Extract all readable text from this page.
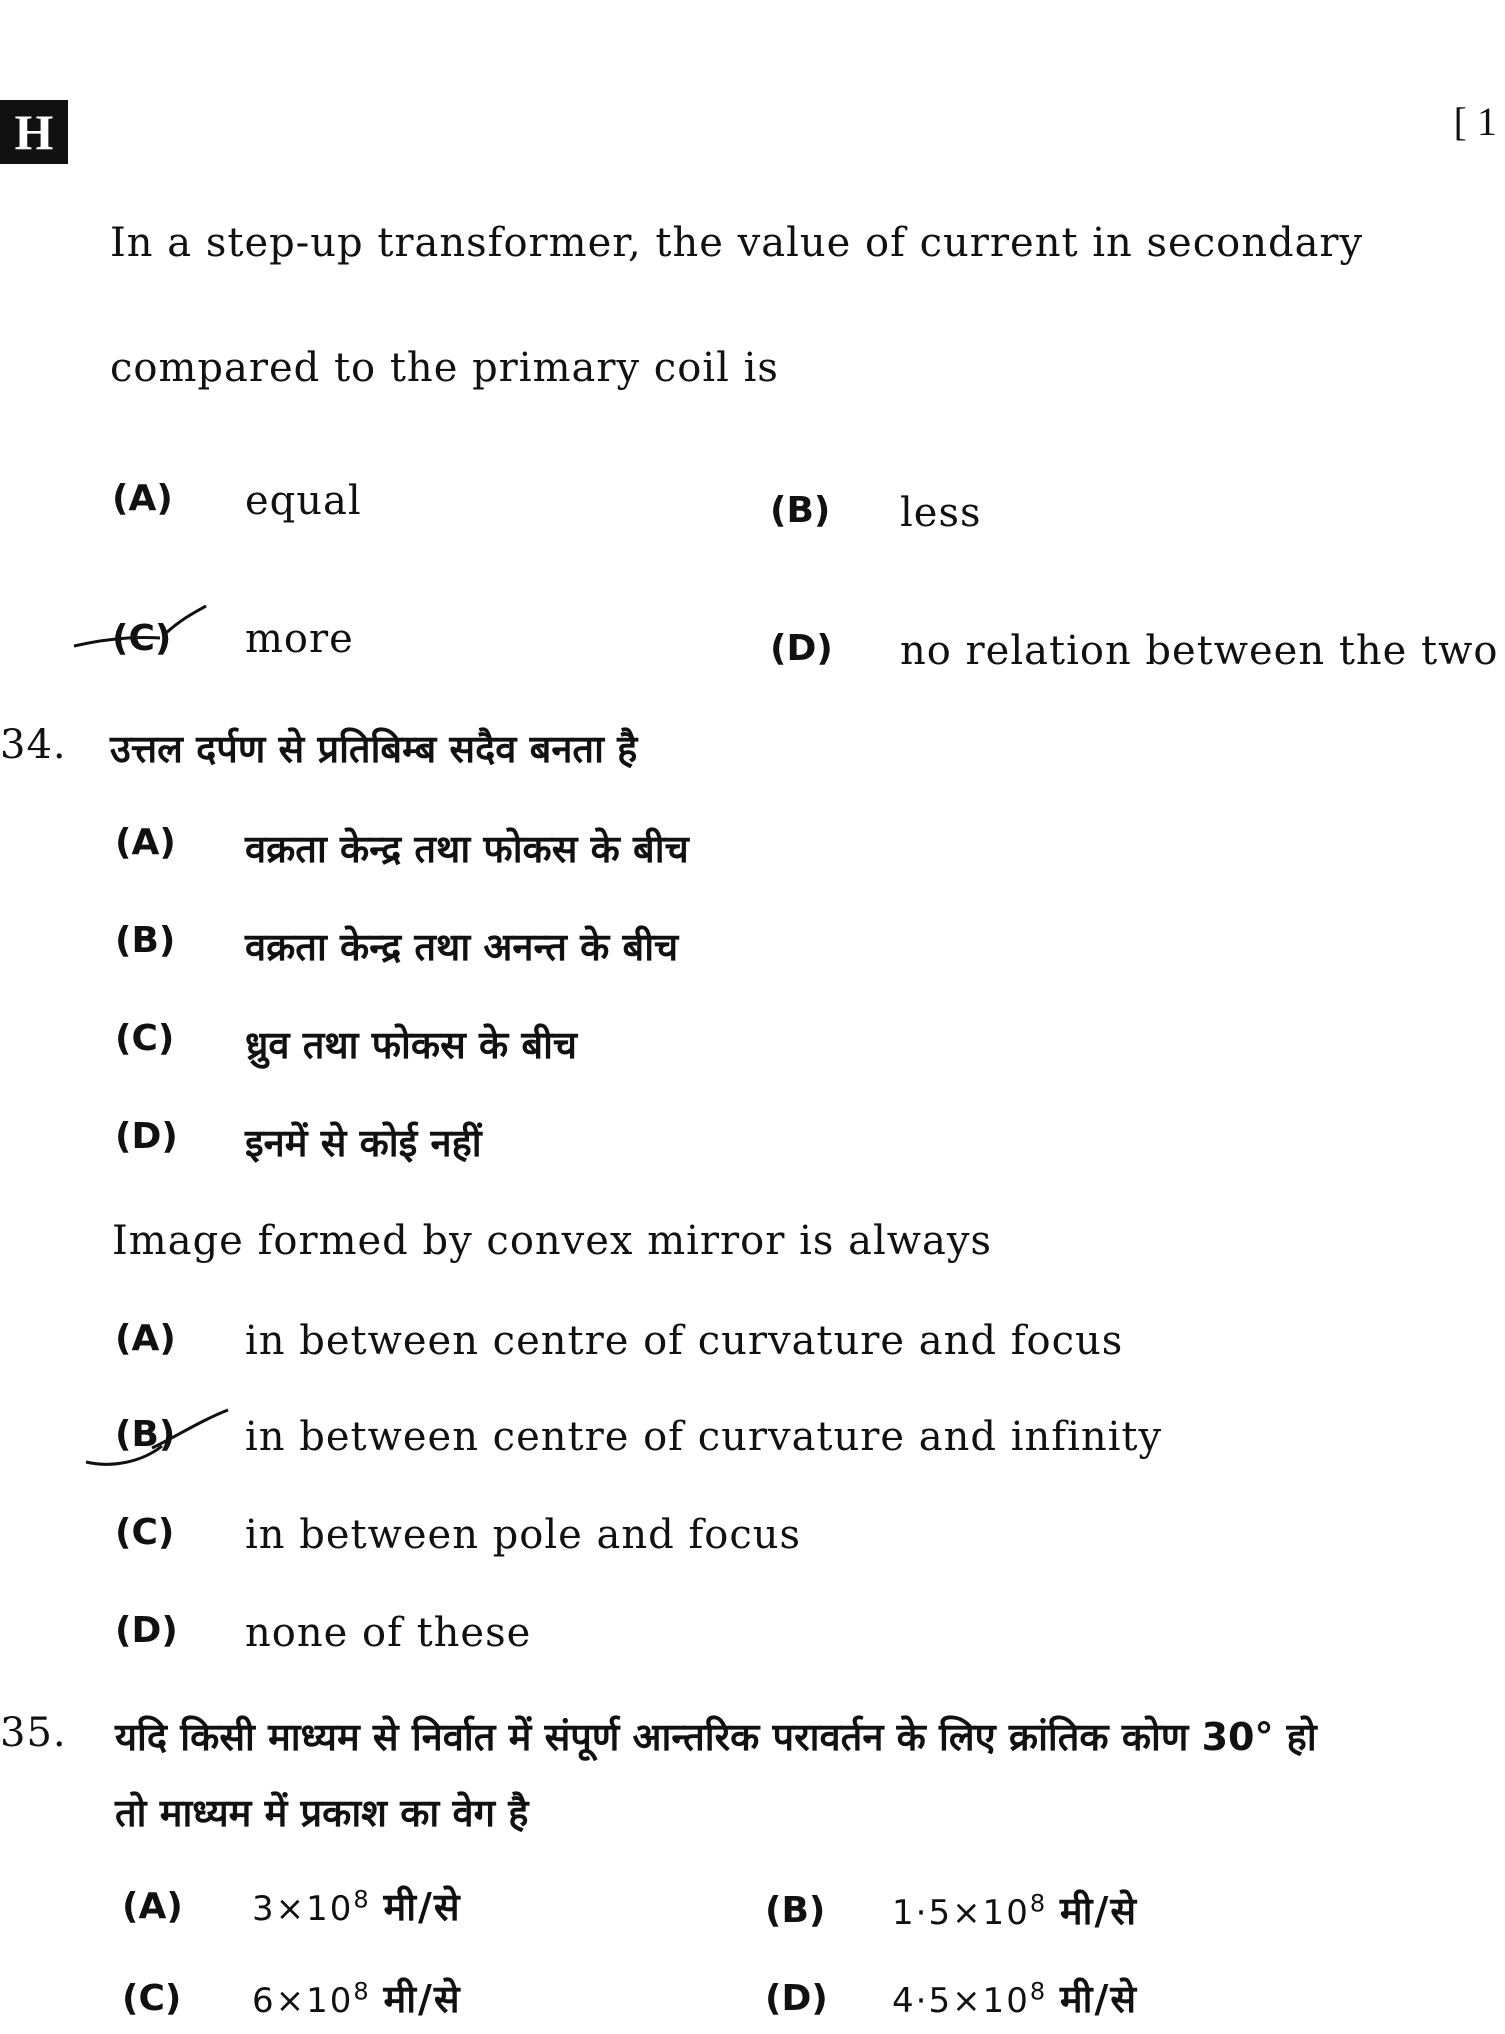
H	[ 1
In a step-up transformer, the value of current in secondary
compared to the primary coil is
(A) equal	(B) less
(C) more	(D) no relation between the two
34. उत्तल दर्पण से प्रतिबिम्ब सदैव बनता है
(A) वक्रता केन्द्र तथा फोकस के बीच
(B) वक्रता केन्द्र तथा अनन्त के बीच
(C) ध्रुव तथा फोकस के बीच
(D) इनमें से कोई नहीं
Image formed by convex mirror is always
(A) in between centre of curvature and focus
(B) in between centre of curvature and infinity
(C) in between pole and focus
(D) none of these
35. यदि किसी माध्यम से निर्वात में संपूर्ण आन्तरिक परावर्तन के लिए क्रांतिक कोण 30° हो
तो माध्यम में प्रकाश का वेग है
(A) $3\times 10^8$ मी/से	(B) $1\cdot 5\times 10^8$ मी/से
(C) $6\times 10^8$ मी/से	(D) $4\cdot 5\times 10^8$ मी/से
